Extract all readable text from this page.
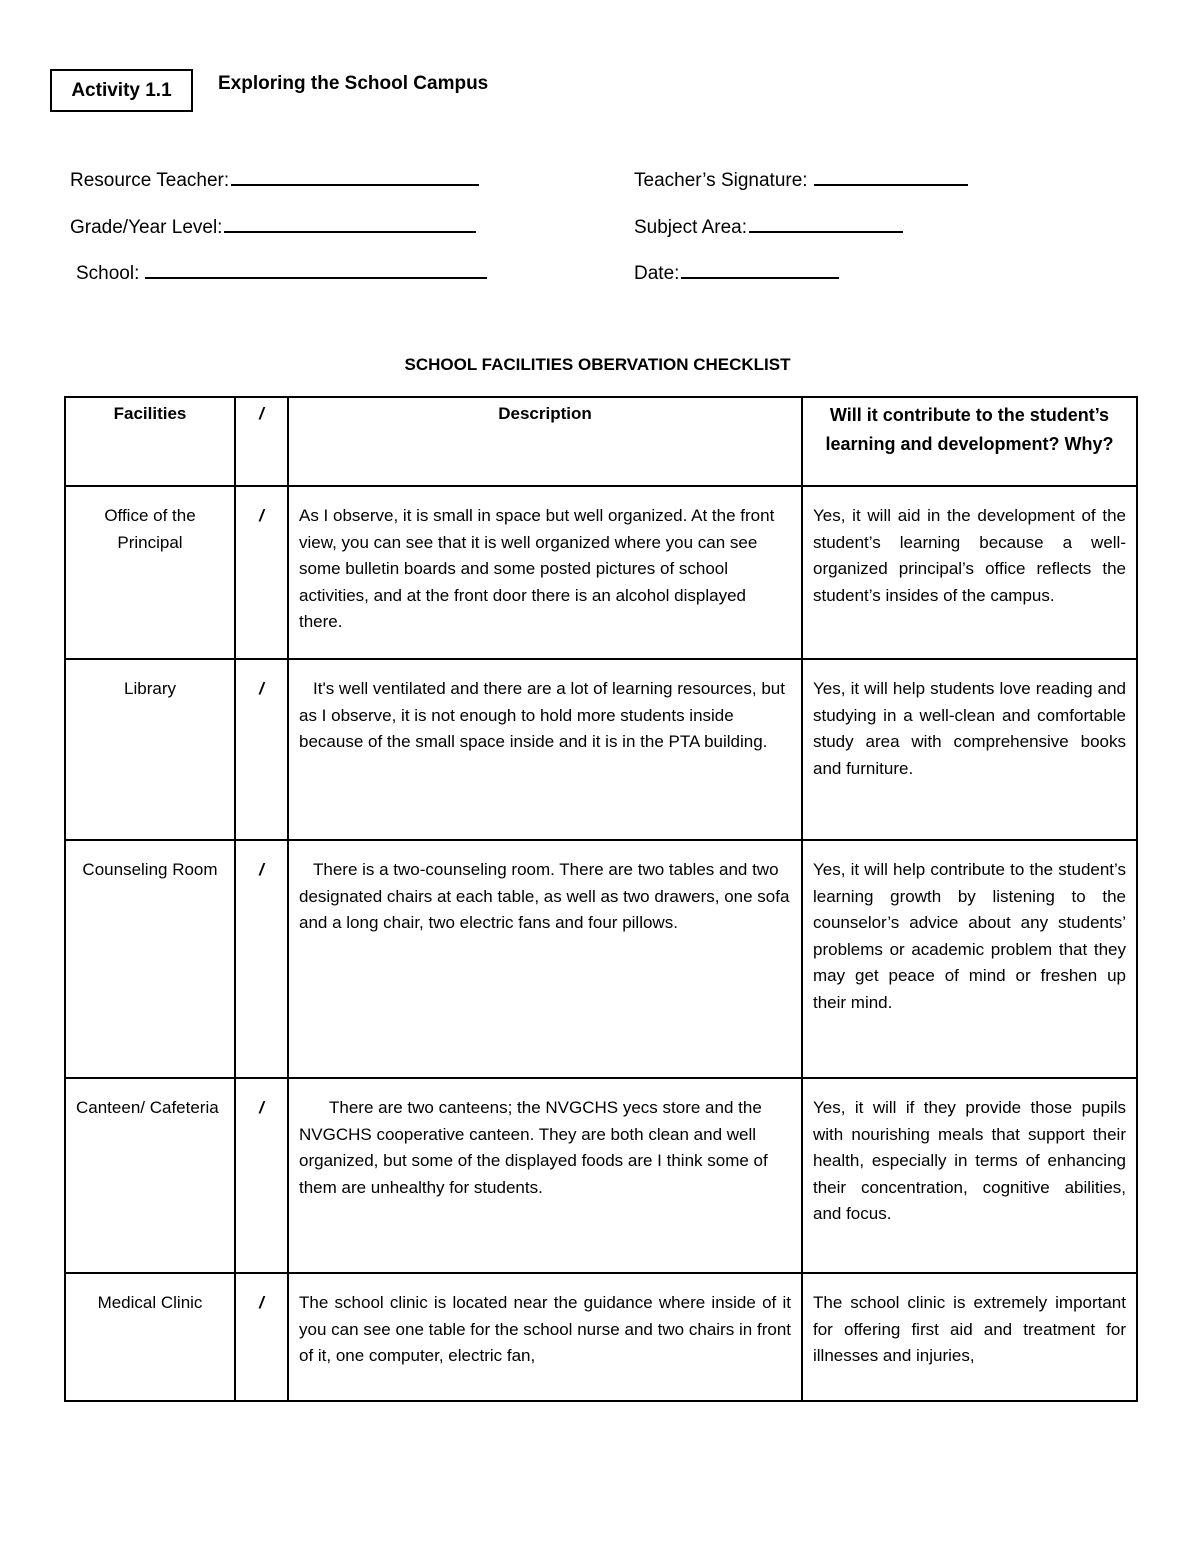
Activity 1.1 Exploring the School Campus
Resource Teacher:	Teacher’s Signature:
Grade/Year Level:	Subject Area:
School:	Date:
SCHOOL FACILITIES OBERVATION CHECKLIST
Facilities	/	Description	Will it contribute to the student’s learning and development? Why?
Office of the Principal	/	As I observe, it is small in space but well organized. At the front view, you can see that it is well organized where you can see some bulletin boards and some posted pictures of school activities, and at the front door there is an alcohol displayed there.	Yes, it will aid in the development of the student’s learning because a well-organized principal’s office reflects the student’s insides of the campus.
Library	/	It's well ventilated and there are a lot of learning resources, but as I observe, it is not enough to hold more students inside because of the small space inside and it is in the PTA building.	Yes, it will help students love reading and studying in a well-clean and comfortable study area with comprehensive books and furniture.
Counseling Room	/	There is a two-counseling room. There are two tables and two designated chairs at each table, as well as two drawers, one sofa and a long chair, two electric fans and four pillows.	Yes, it will help contribute to the student’s learning growth by listening to the counselor’s advice about any students’ problems or academic problem that they may get peace of mind or freshen up their mind.
Canteen/ Cafeteria	/	There are two canteens; the NVGCHS yecs store and the NVGCHS cooperative canteen. They are both clean and well organized, but some of the displayed foods are I think some of them are unhealthy for students.	Yes, it will if they provide those pupils with nourishing meals that support their health, especially in terms of enhancing their concentration, cognitive abilities, and focus.
Medical Clinic	/	The school clinic is located near the guidance where inside of it you can see one table for the school nurse and two chairs in front of it, one computer, electric fan,	The school clinic is extremely important for offering first aid and treatment for illnesses and injuries,
